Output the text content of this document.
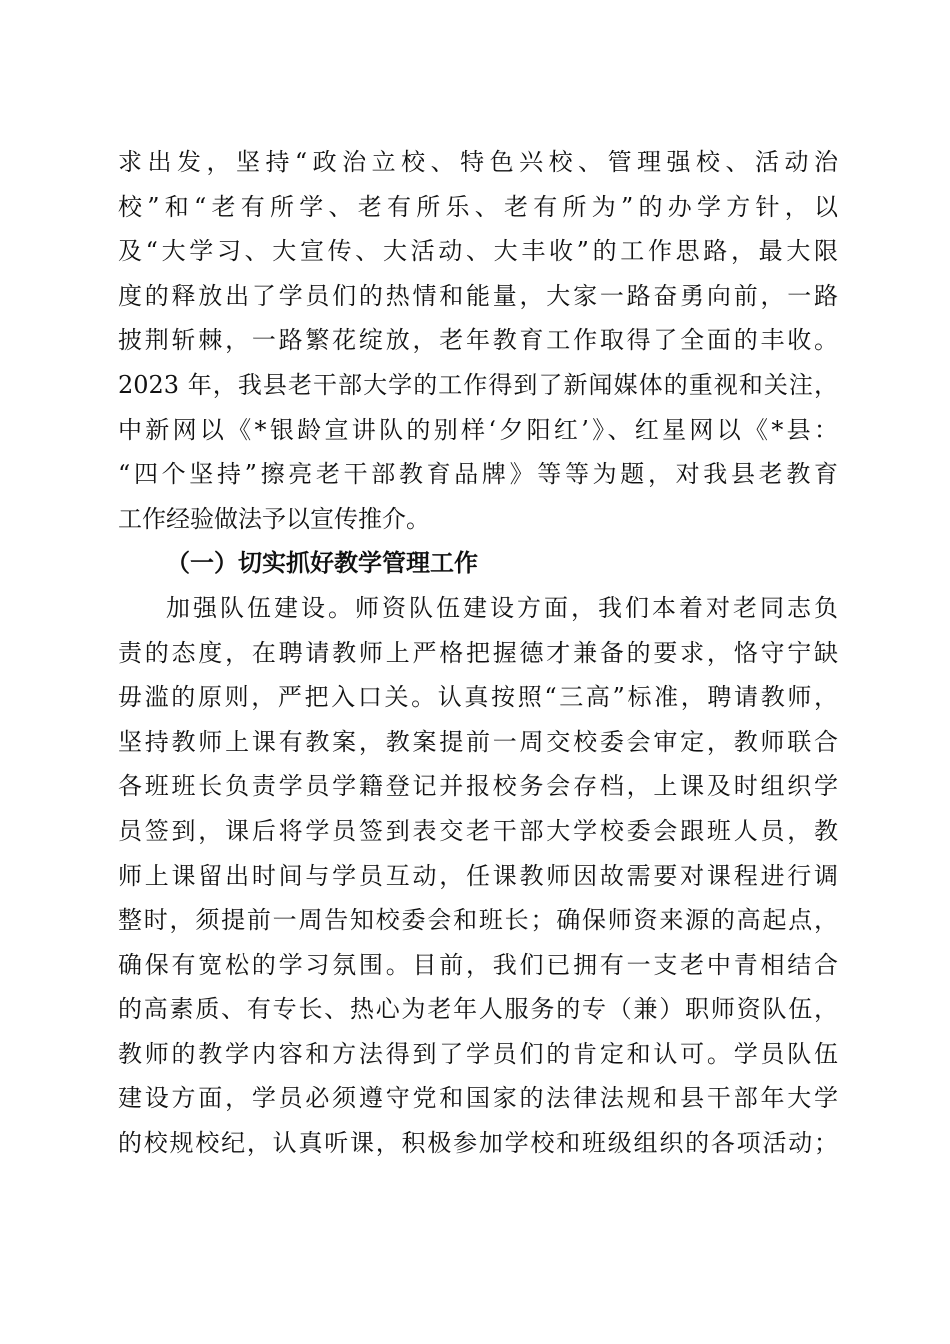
求出发，坚持“政治立校、特色兴校、管理强校、活动治
校”和“老有所学、老有所乐、老有所为”的办学方针，以
及“大学习、大宣传、大活动、大丰收”的工作思路，最大限
度的释放出了学员们的热情和能量，大家一路奋勇向前，一路
披荆斩棘，一路繁花绽放，老年教育工作取得了全面的丰收。
2023 年，我县老干部大学的工作得到了新闻媒体的重视和关注，
中新网以《*银龄宣讲队的别样‘夕阳红’》、红星网以《*县：
“四个坚持”擦亮老干部教育品牌》等等为题，对我县老教育
工作经验做法予以宣传推介。
（一）切实抓好教学管理工作
加强队伍建设。师资队伍建设方面，我们本着对老同志负
责的态度，在聘请教师上严格把握德才兼备的要求，恪守宁缺
毋滥的原则，严把入口关。认真按照“三高”标准，聘请教师，
坚持教师上课有教案，教案提前一周交校委会审定，教师联合
各班班长负责学员学籍登记并报校务会存档，上课及时组织学
员签到，课后将学员签到表交老干部大学校委会跟班人员，教
师上课留出时间与学员互动，任课教师因故需要对课程进行调
整时，须提前一周告知校委会和班长；确保师资来源的高起点，
确保有宽松的学习氛围。目前，我们已拥有一支老中青相结合
的高素质、有专长、热心为老年人服务的专（兼）职师资队伍，
教师的教学内容和方法得到了学员们的肯定和认可。学员队伍
建设方面，学员必须遵守党和国家的法律法规和县干部年大学
的校规校纪，认真听课，积极参加学校和班级组织的各项活动；
